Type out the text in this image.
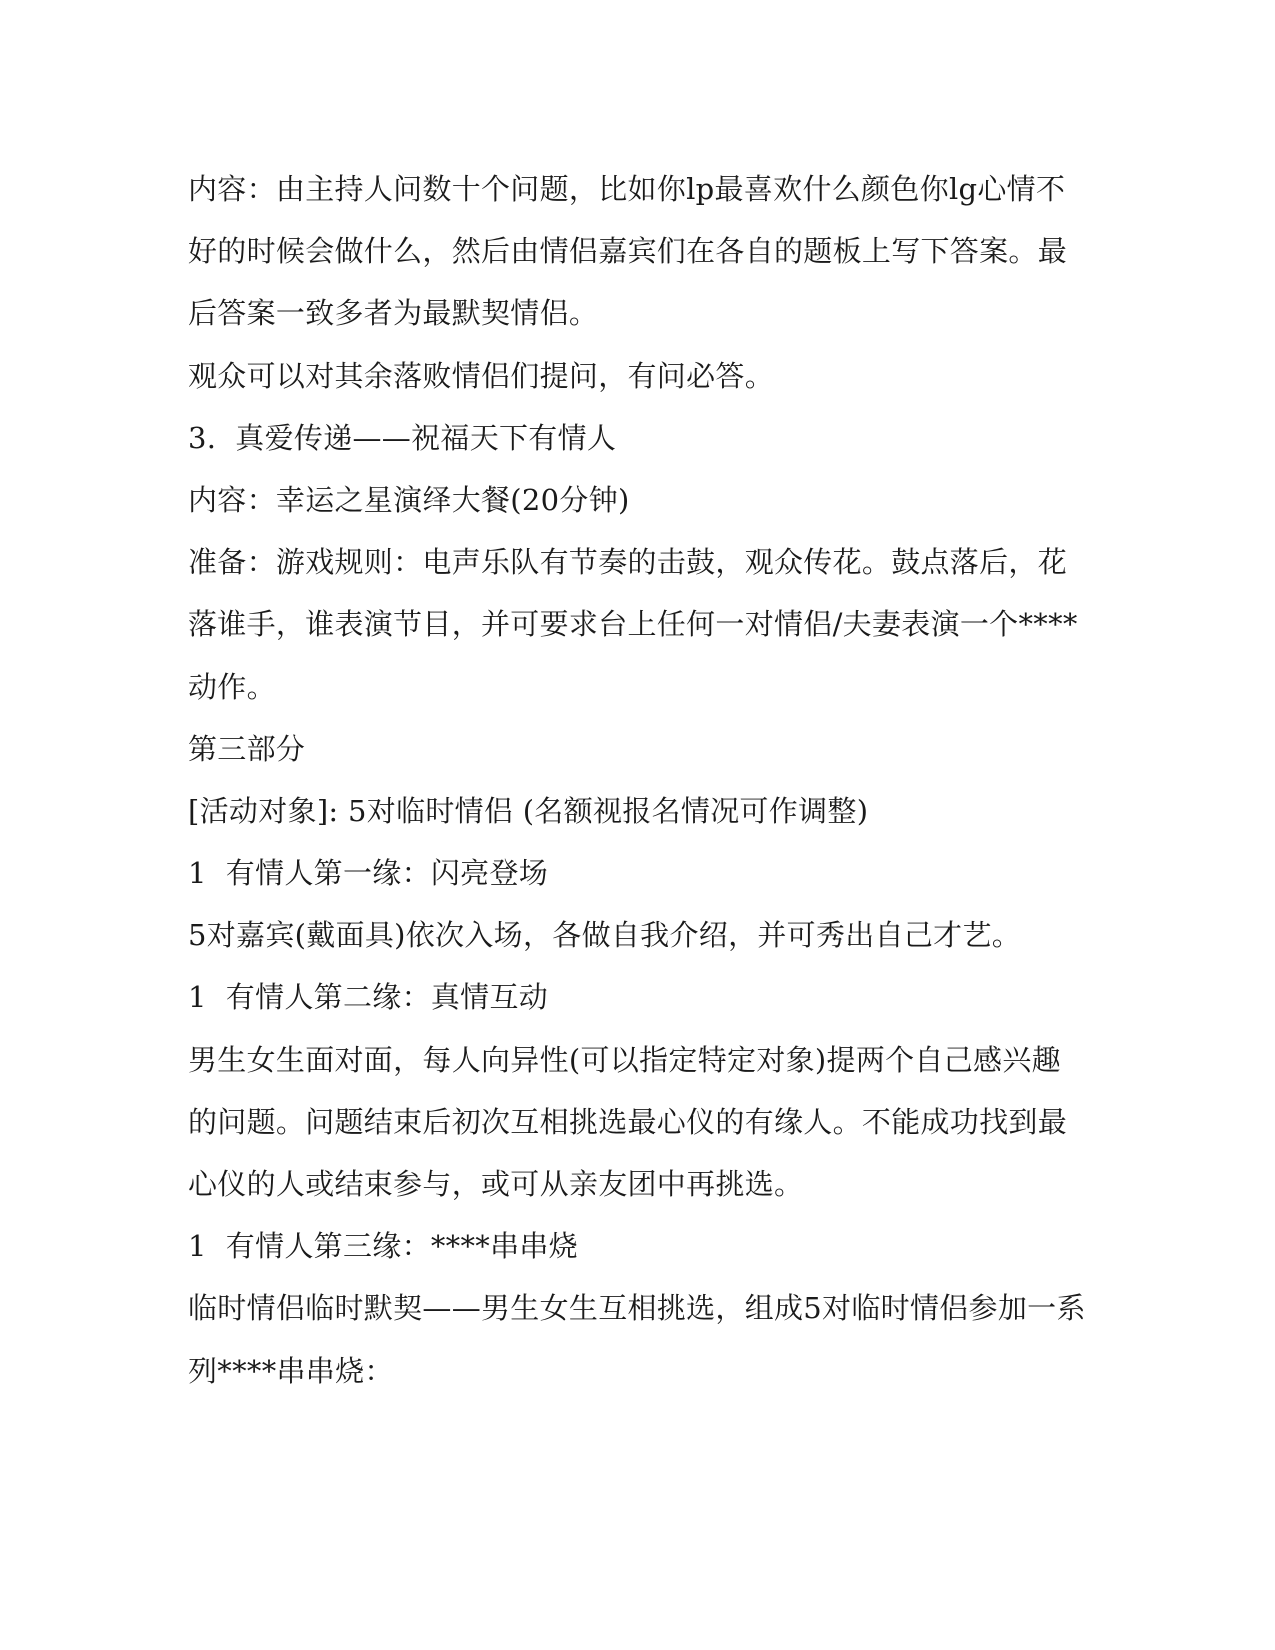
内容：由主持人问数十个问题，比如你lp最喜欢什么颜色你lg心情不
好的时候会做什么，然后由情侣嘉宾们在各自的题板上写下答案。最
后答案一致多者为最默契情侣。
观众可以对其余落败情侣们提问，有问必答。
3.  真爱传递——祝福天下有情人
内容：幸运之星演绎大餐(20分钟)
准备：游戏规则：电声乐队有节奏的击鼓，观众传花。鼓点落后，花
落谁手，谁表演节目，并可要求台上任何一对情侣/夫妻表演一个****
动作。
第三部分
[活动对象]: 5对临时情侣 (名额视报名情况可作调整)
1  有情人第一缘：闪亮登场
5对嘉宾(戴面具)依次入场，各做自我介绍，并可秀出自己才艺。
1  有情人第二缘：真情互动
男生女生面对面，每人向异性(可以指定特定对象)提两个自己感兴趣
的问题。问题结束后初次互相挑选最心仪的有缘人。不能成功找到最
心仪的人或结束参与，或可从亲友团中再挑选。
1  有情人第三缘：****串串烧
临时情侣临时默契——男生女生互相挑选，组成5对临时情侣参加一系
列****串串烧：
